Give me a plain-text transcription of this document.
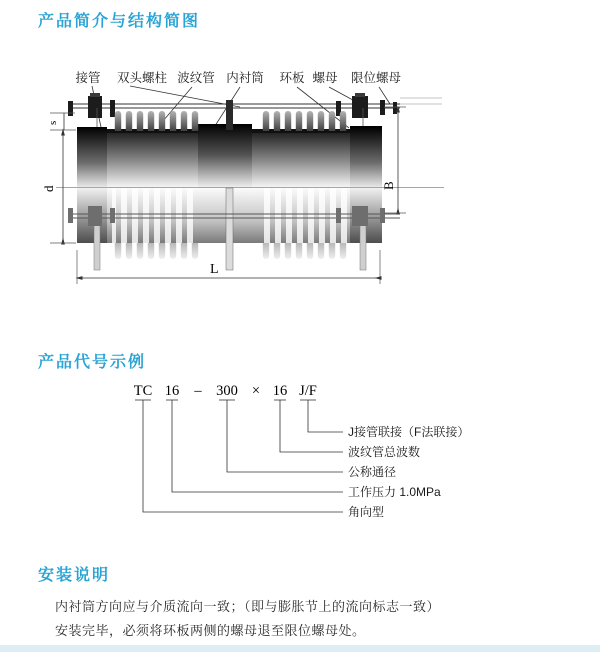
产品简介与结构简图
接管 双头螺柱 波纹管 内衬筒 环板 螺母 限位螺母
s
d	B
L
TC 16 – 300 × 16 J/F
J接管联接（F法联接）
波纹管总波数
公称通径
工作压力 1.0MPa
角向型
产品代号示例
安装说明
内衬筒方向应与介质流向一致；（即与膨胀节上的流向标志一致）
安装完毕，必须将环板两侧的螺母退至限位螺母处。
